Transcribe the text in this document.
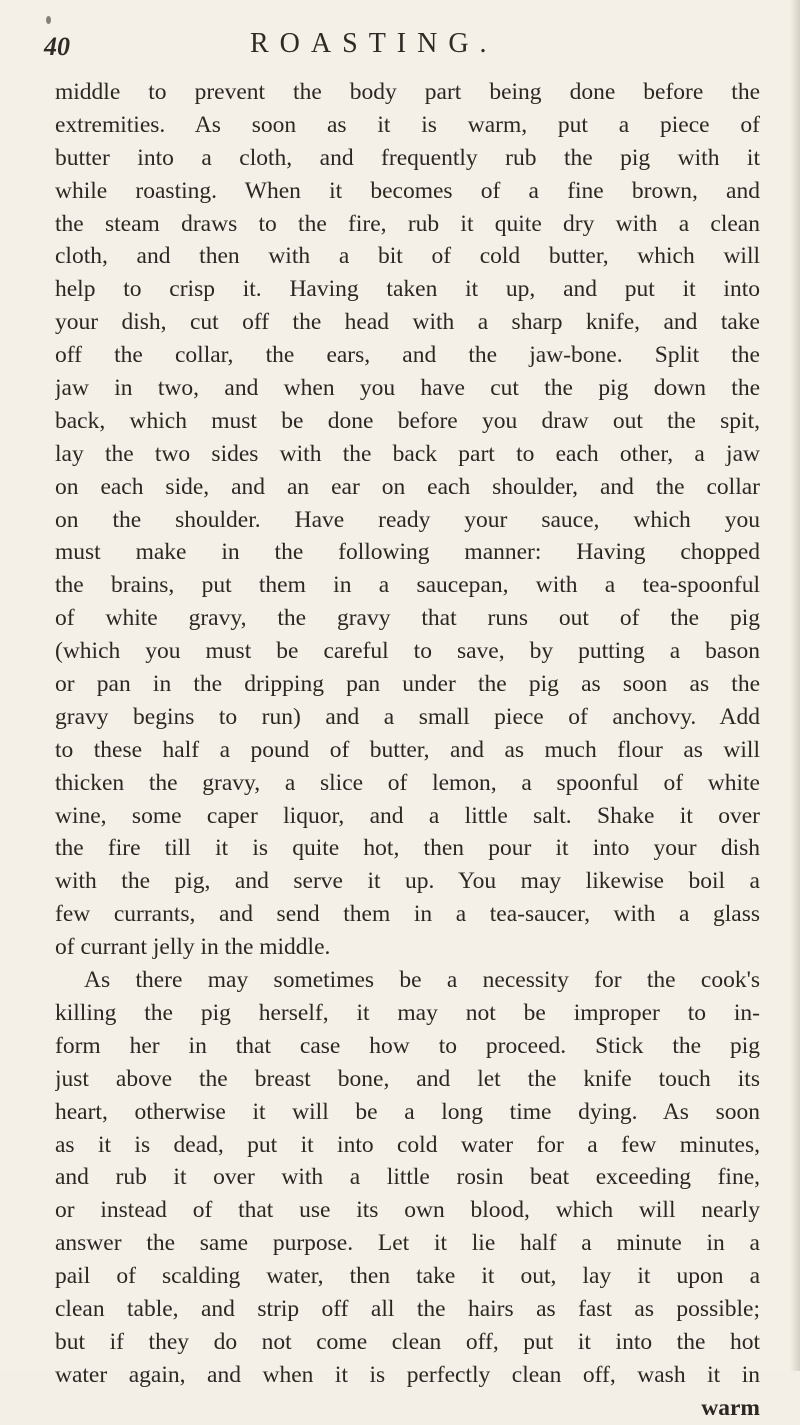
40	ROASTING.
middle to prevent the body part being done before the
extremities. As soon as it is warm, put a piece of
butter into a cloth, and frequently rub the pig with it
while roasting. When it becomes of a fine brown, and
the steam draws to the fire, rub it quite dry with a clean
cloth, and then with a bit of cold butter, which will
help to crisp it. Having taken it up, and put it into
your dish, cut off the head with a sharp knife, and take
off the collar, the ears, and the jaw-bone. Split the
jaw in two, and when you have cut the pig down the
back, which must be done before you draw out the spit,
lay the two sides with the back part to each other, a jaw
on each side, and an ear on each shoulder, and the collar
on the shoulder. Have ready your sauce, which you
must make in the following manner: Having chopped
the brains, put them in a saucepan, with a tea-spoonful
of white gravy, the gravy that runs out of the pig
(which you must be careful to save, by putting a bason
or pan in the dripping pan under the pig as soon as the
gravy begins to run) and a small piece of anchovy. Add
to these half a pound of butter, and as much flour as will
thicken the gravy, a slice of lemon, a spoonful of white
wine, some caper liquor, and a little salt. Shake it over
the fire till it is quite hot, then pour it into your dish
with the pig, and serve it up. You may likewise boil a
few currants, and send them in a tea-saucer, with a glass
of currant jelly in the middle.
As there may sometimes be a necessity for the cook's
killing the pig herself, it may not be improper to in-
form her in that case how to proceed. Stick the pig
just above the breast bone, and let the knife touch its
heart, otherwise it will be a long time dying. As soon
as it is dead, put it into cold water for a few minutes,
and rub it over with a little rosin beat exceeding fine,
or instead of that use its own blood, which will nearly
answer the same purpose. Let it lie half a minute in a
pail of scalding water, then take it out, lay it upon a
clean table, and strip off all the hairs as fast as possible;
but if they do not come clean off, put it into the hot
water again, and when it is perfectly clean off, wash it in
warm
